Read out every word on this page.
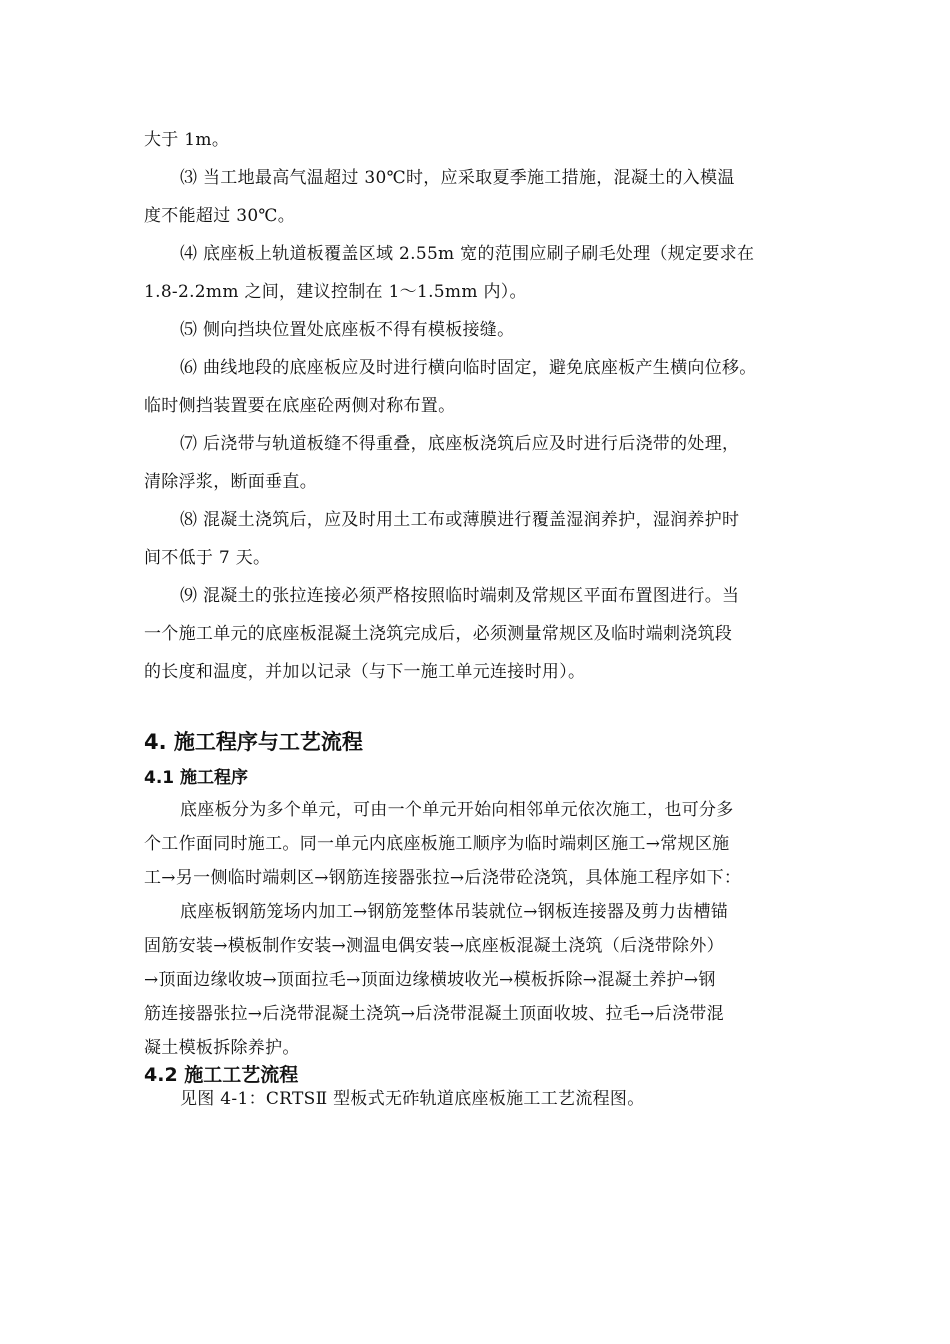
大于 1m。
⑶ 当工地最高气温超过 30℃时，应采取夏季施工措施，混凝土的入模温
度不能超过 30℃。
⑷ 底座板上轨道板覆盖区域 2.55m 宽的范围应刷子刷毛处理（规定要求在
1.8-2.2mm 之间，建议控制在 1～1.5mm 内）。
⑸ 侧向挡块位置处底座板不得有模板接缝。
⑹ 曲线地段的底座板应及时进行横向临时固定，避免底座板产生横向位移。
临时侧挡装置要在底座砼两侧对称布置。
⑺ 后浇带与轨道板缝不得重叠，底座板浇筑后应及时进行后浇带的处理，
清除浮浆，断面垂直。
⑻ 混凝土浇筑后，应及时用土工布或薄膜进行覆盖湿润养护，湿润养护时
间不低于 7 天。
⑼ 混凝土的张拉连接必须严格按照临时端刺及常规区平面布置图进行。当
一个施工单元的底座板混凝土浇筑完成后，必须测量常规区及临时端刺浇筑段
的长度和温度，并加以记录（与下一施工单元连接时用）。
4. 施工程序与工艺流程
4.1 施工程序
底座板分为多个单元，可由一个单元开始向相邻单元依次施工，也可分多
个工作面同时施工。同一单元内底座板施工顺序为临时端刺区施工→常规区施
工→另一侧临时端刺区→钢筋连接器张拉→后浇带砼浇筑，具体施工程序如下：
底座板钢筋笼场内加工→钢筋笼整体吊装就位→钢板连接器及剪力齿槽锚
固筋安装→模板制作安装→测温电偶安装→底座板混凝土浇筑（后浇带除外）
→顶面边缘收坡→顶面拉毛→顶面边缘横坡收光→模板拆除→混凝土养护→钢
筋连接器张拉→后浇带混凝土浇筑→后浇带混凝土顶面收坡、拉毛→后浇带混
凝土模板拆除养护。
4.2 施工工艺流程
见图 4-1：CRTSⅡ 型板式无砟轨道底座板施工工艺流程图。
